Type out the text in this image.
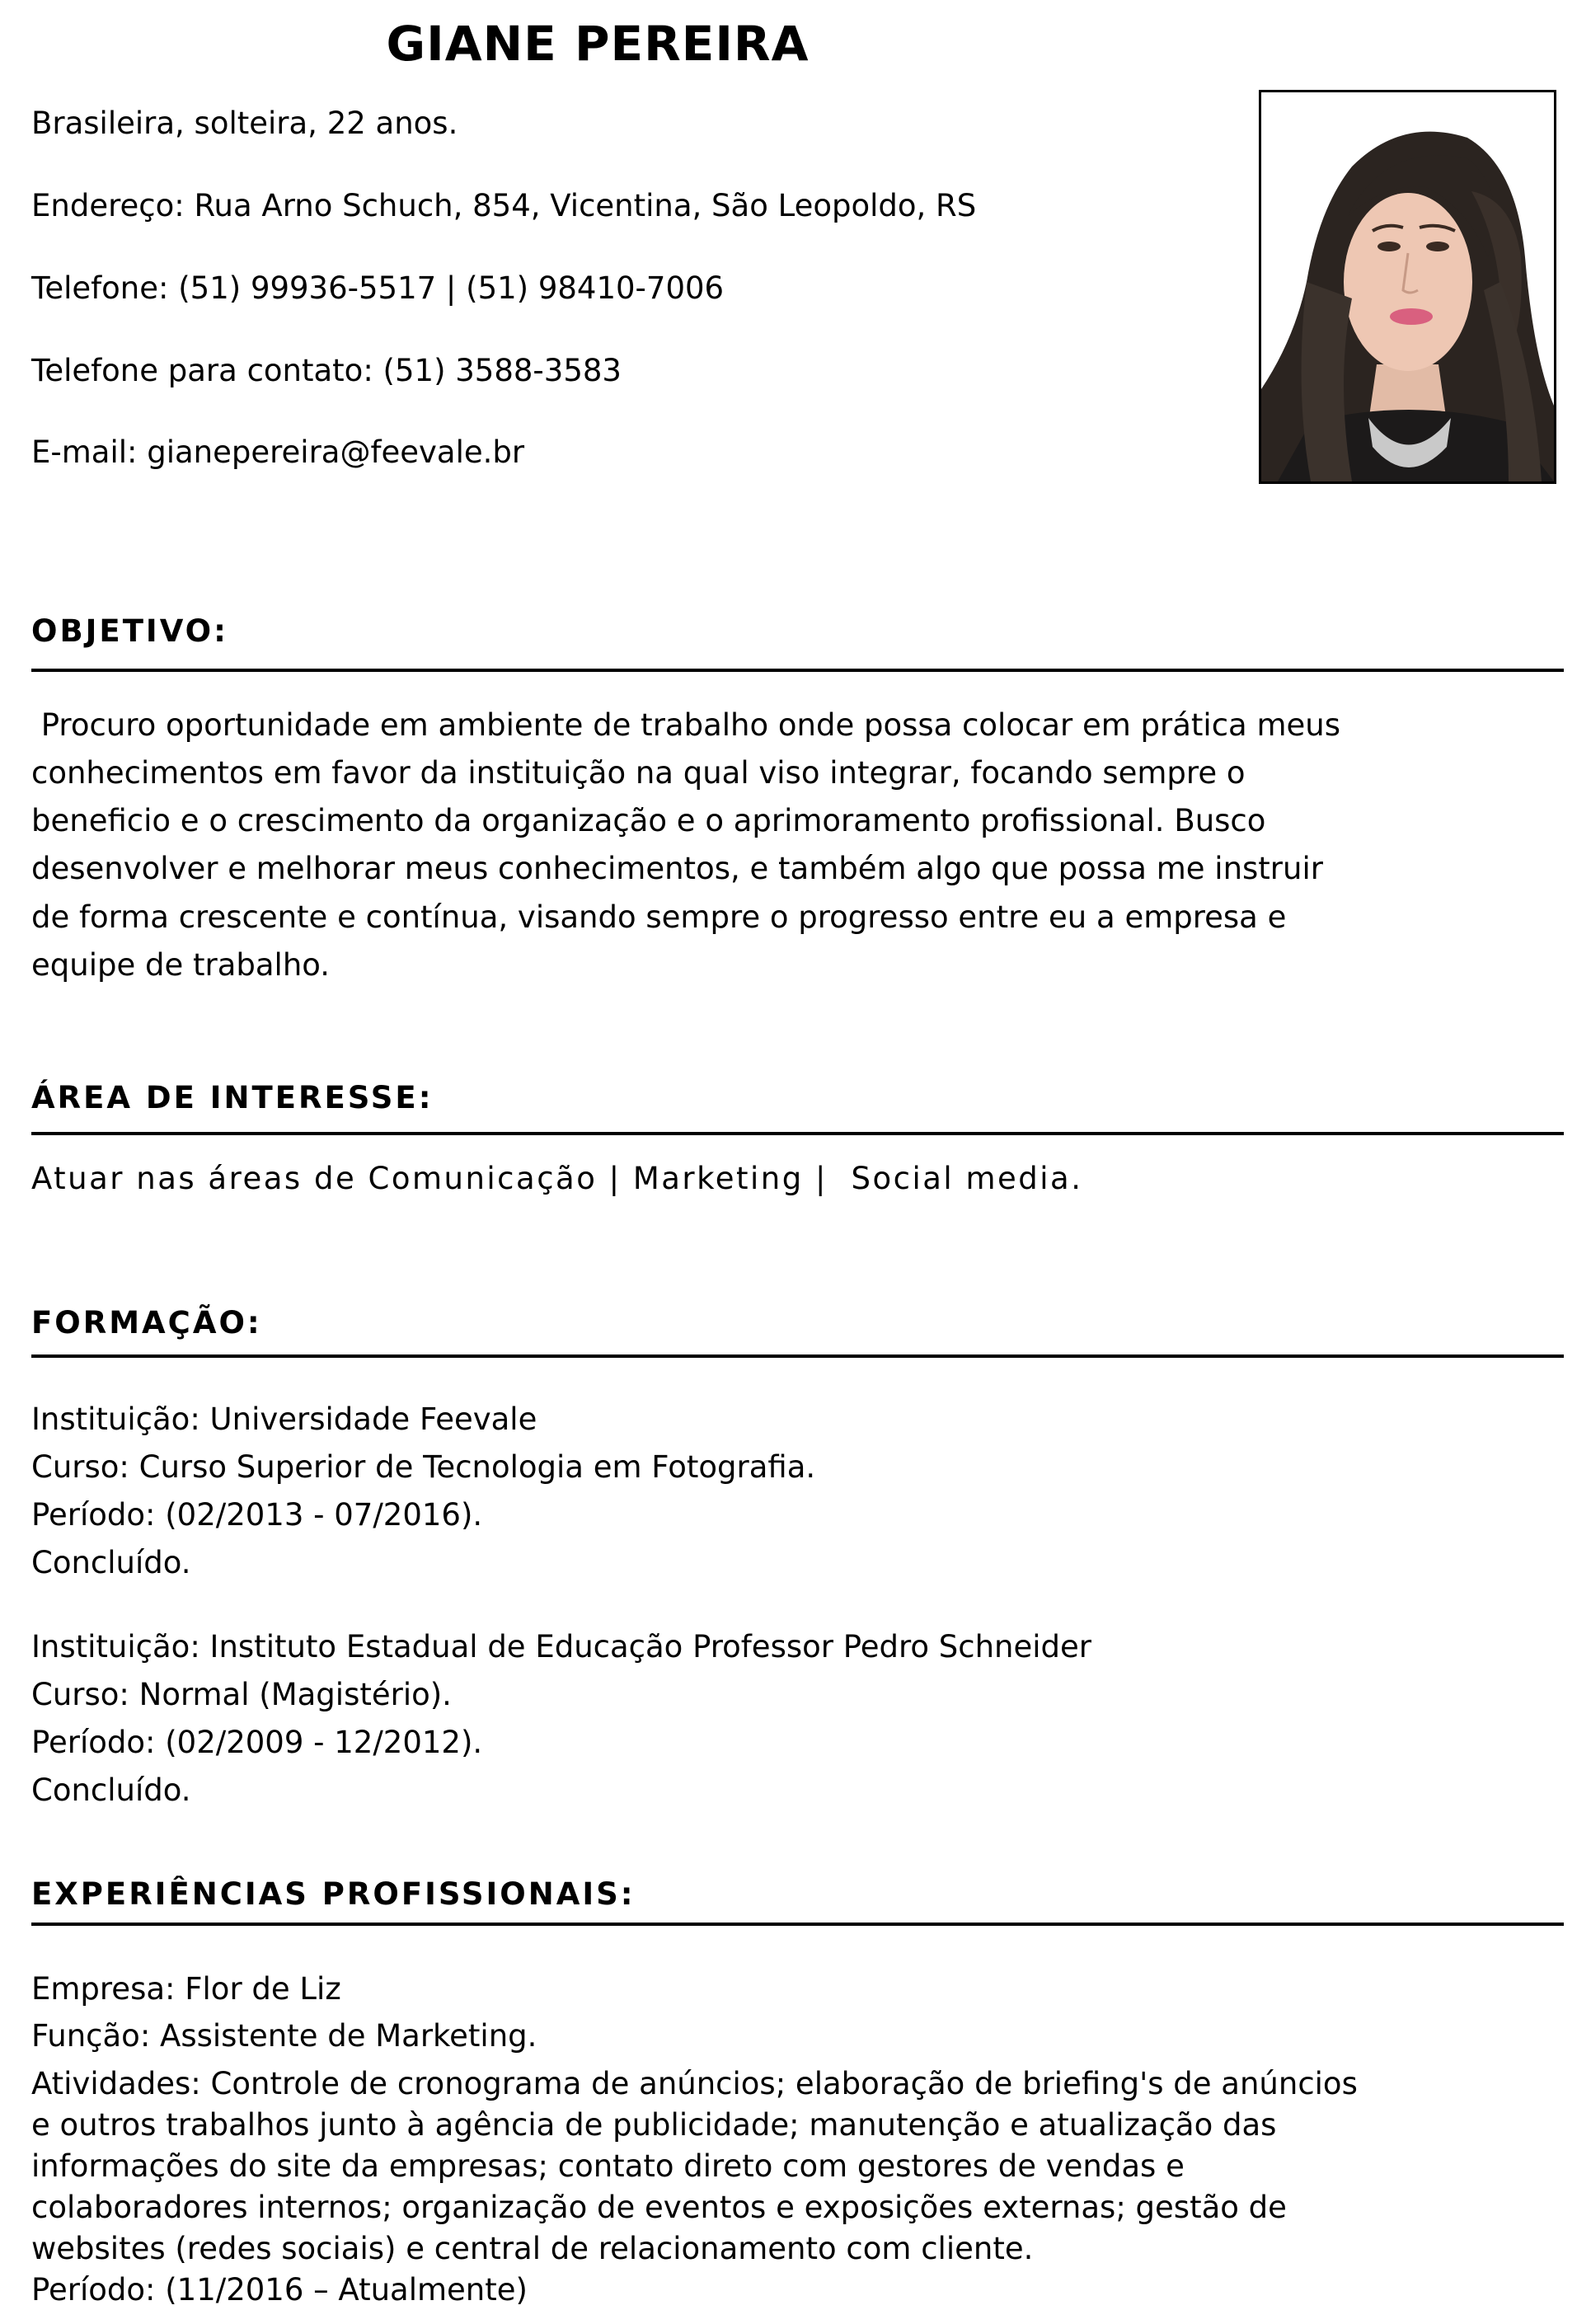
GIANE PEREIRA
Brasileira, solteira, 22 anos.
Endereço: Rua Arno Schuch, 854, Vicentina, São Leopoldo, RS
Telefone: (51) 99936-5517 | (51) 98410-7006
Telefone para contato: (51) 3588-3583
E-mail: gianepereira@feevale.br
OBJETIVO:
Procuro oportunidade em ambiente de trabalho onde possa colocar em prática meus
conhecimentos em favor da instituição na qual viso integrar, focando sempre o
beneficio e o crescimento da organização e o aprimoramento profissional. Busco
desenvolver e melhorar meus conhecimentos, e também algo que possa me instruir
de forma crescente e contínua, visando sempre o progresso entre eu a empresa e
equipe de trabalho.
ÁREA DE INTERESSE:
Atuar nas áreas de Comunicação | Marketing |  Social media.
FORMAÇÃO:
Instituição: Universidade Feevale
Curso: Curso Superior de Tecnologia em Fotografia.
Período: (02/2013 - 07/2016).
Concluído.
Instituição: Instituto Estadual de Educação Professor Pedro Schneider
Curso: Normal (Magistério).
Período: (02/2009 - 12/2012).
Concluído.
EXPERIÊNCIAS PROFISSIONAIS:
Empresa: Flor de Liz
Função: Assistente de Marketing.
Atividades: Controle de cronograma de anúncios; elaboração de briefing's de anúncios
e outros trabalhos junto à agência de publicidade; manutenção e atualização das
informações do site da empresas; contato direto com gestores de vendas e
colaboradores internos; organização de eventos e exposições externas; gestão de
websites (redes sociais) e central de relacionamento com cliente.
Período: (11/2016 – Atualmente)
